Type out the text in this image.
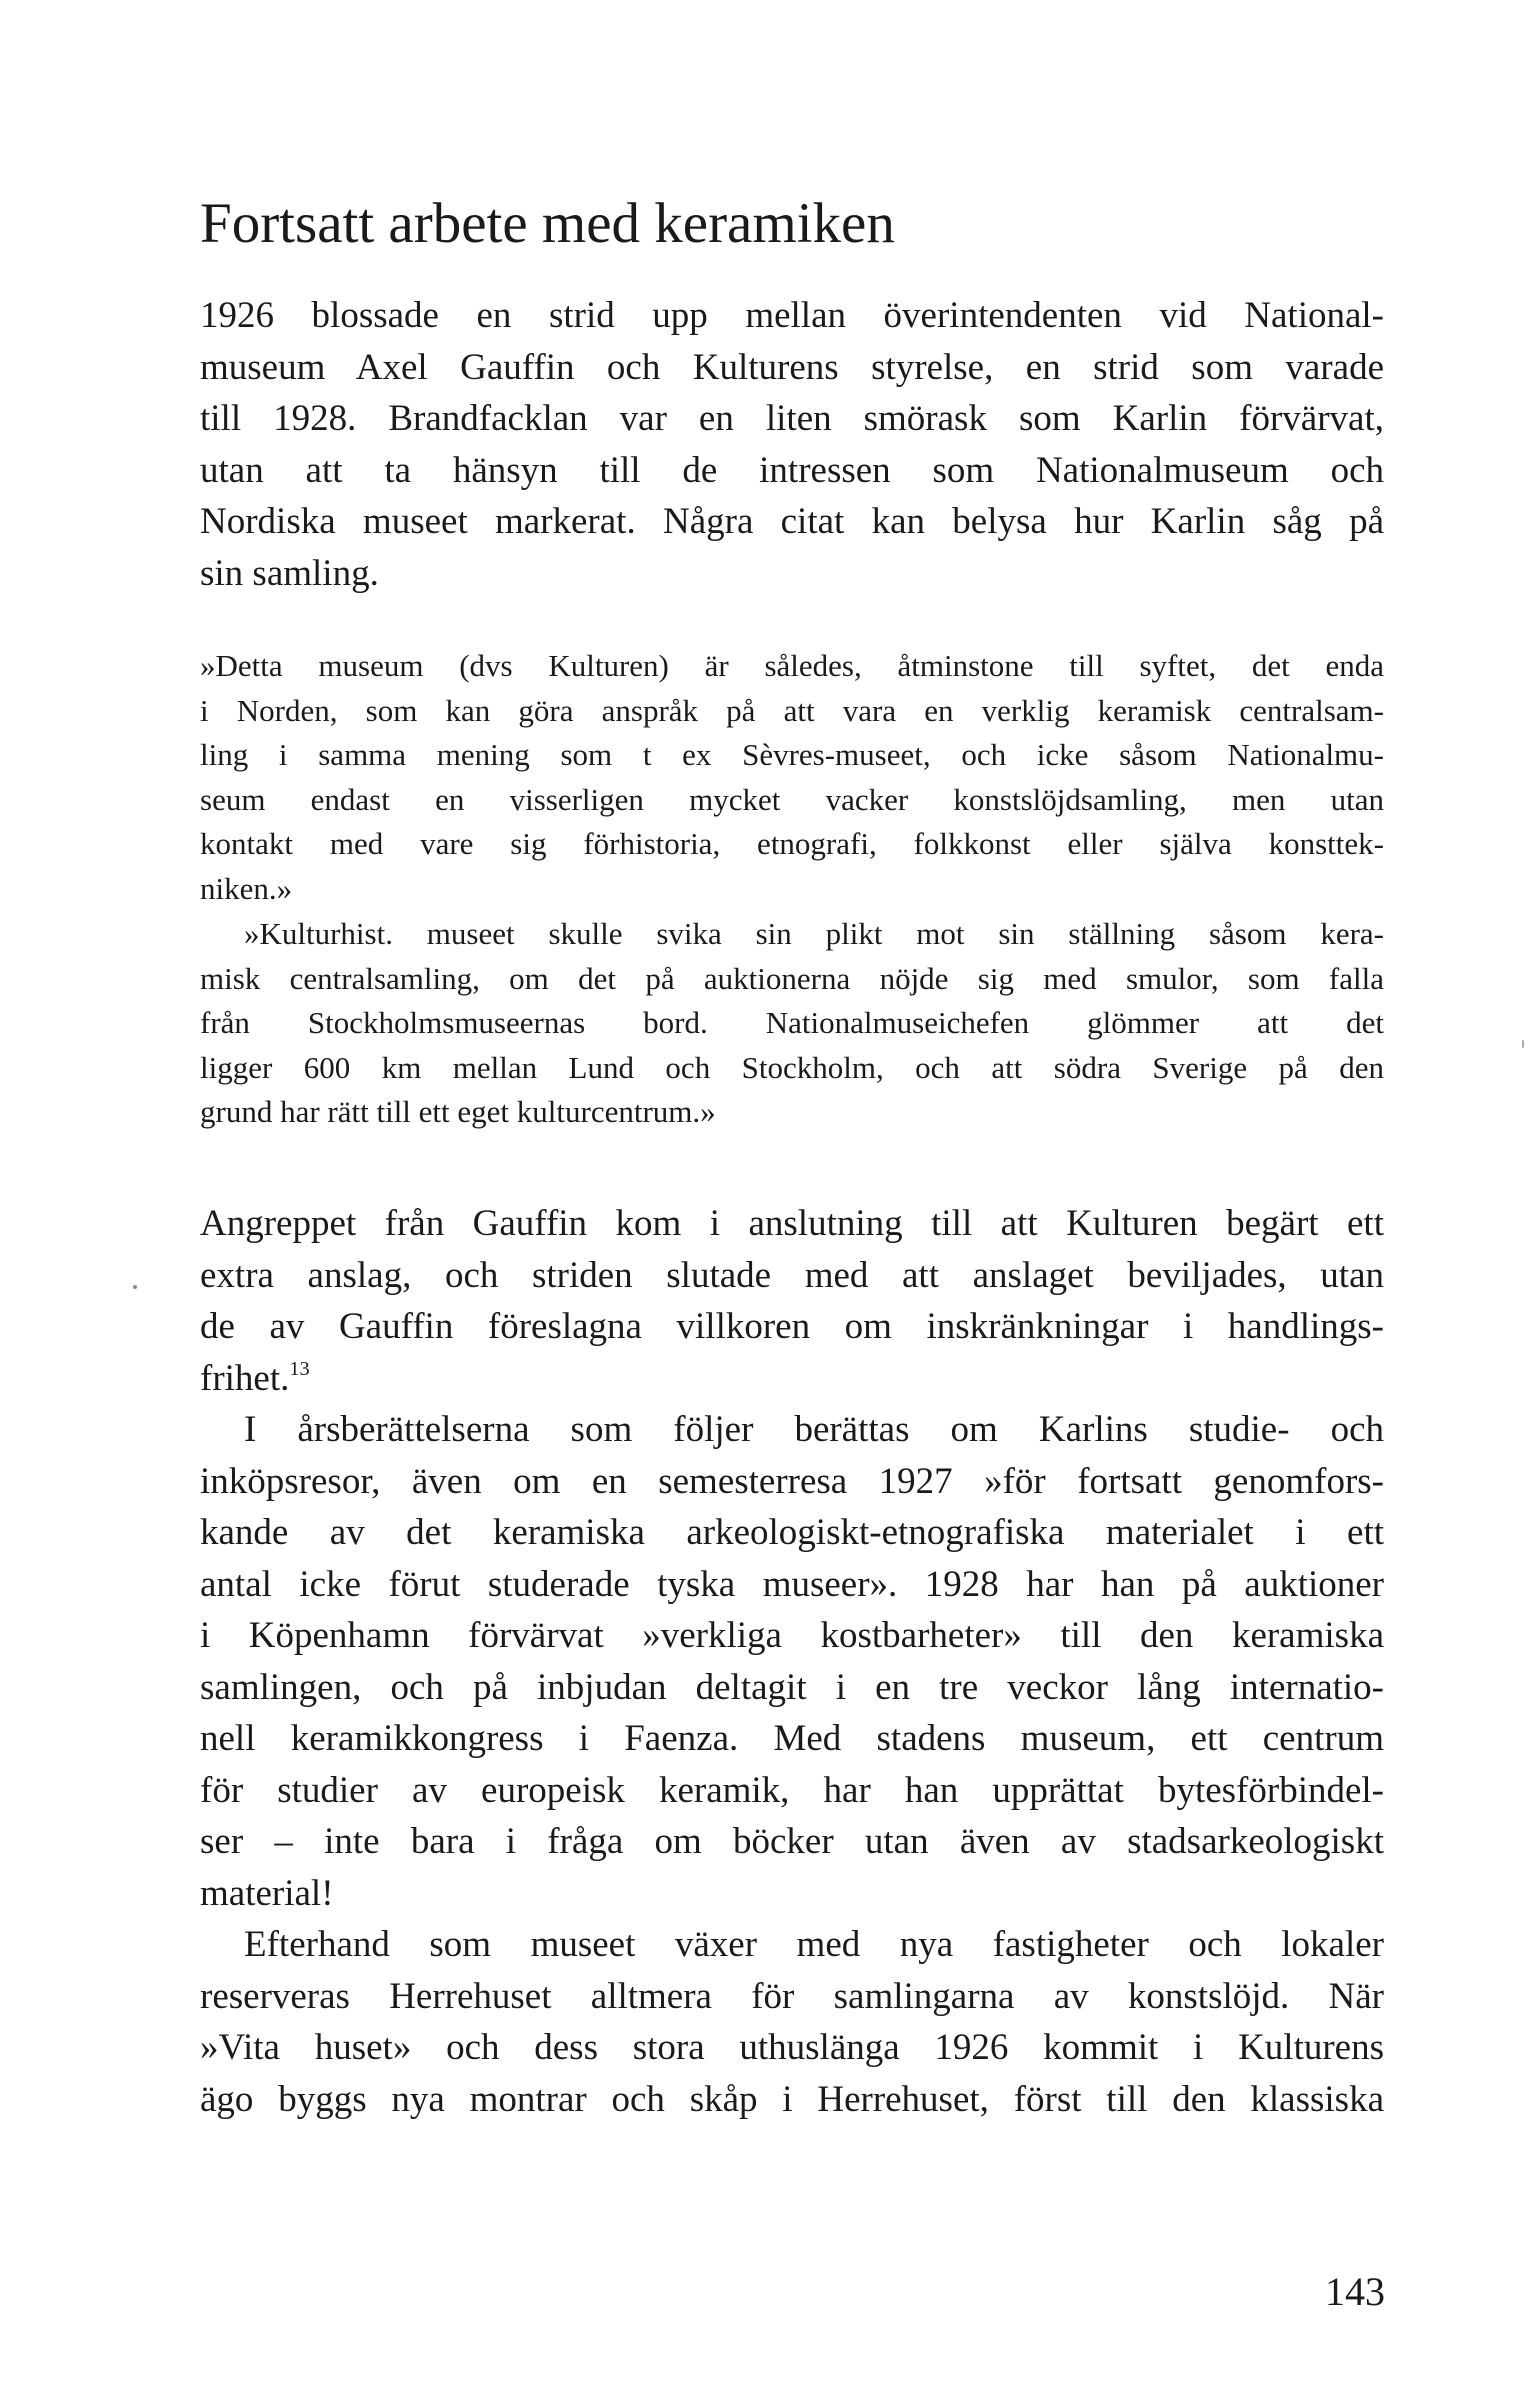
Fortsatt arbete med keramiken
1926 blossade en strid upp mellan överintendenten vid National-
museum Axel Gauffin och Kulturens styrelse, en strid som varade
till 1928. Brandfacklan var en liten smörask som Karlin förvärvat,
utan att ta hänsyn till de intressen som Nationalmuseum och
Nordiska museet markerat. Några citat kan belysa hur Karlin såg på
sin samling.
»Detta museum (dvs Kulturen) är således, åtminstone till syftet, det enda
i Norden, som kan göra anspråk på att vara en verklig keramisk centralsam-
ling i samma mening som t ex Sèvres-museet, och icke såsom Nationalmu-
seum endast en visserligen mycket vacker konstslöjdsamling, men utan
kontakt med vare sig förhistoria, etnografi, folkkonst eller själva konsttek-
niken.»
»Kulturhist. museet skulle svika sin plikt mot sin ställning såsom kera-
misk centralsamling, om det på auktionerna nöjde sig med smulor, som falla
från Stockholmsmuseernas bord. Nationalmuseichefen glömmer att det
ligger 600 km mellan Lund och Stockholm, och att södra Sverige på den
grund har rätt till ett eget kulturcentrum.»
Angreppet från Gauffin kom i anslutning till att Kulturen begärt ett
extra anslag, och striden slutade med att anslaget beviljades, utan
de av Gauffin föreslagna villkoren om inskränkningar i handlings-
frihet.$^{13}$
I årsberättelserna som följer berättas om Karlins studie- och
inköpsresor, även om en semesterresa 1927 »för fortsatt genomfors-
kande av det keramiska arkeologiskt-etnografiska materialet i ett
antal icke förut studerade tyska museer». 1928 har han på auktioner
i Köpenhamn förvärvat »verkliga kostbarheter» till den keramiska
samlingen, och på inbjudan deltagit i en tre veckor lång internatio-
nell keramikkongress i Faenza. Med stadens museum, ett centrum
för studier av europeisk keramik, har han upprättat bytesförbindel-
ser – inte bara i fråga om böcker utan även av stadsarkeologiskt
material!
Efterhand som museet växer med nya fastigheter och lokaler
reserveras Herrehuset alltmera för samlingarna av konstslöjd. När
»Vita huset» och dess stora uthuslänga 1926 kommit i Kulturens
ägo byggs nya montrar och skåp i Herrehuset, först till den klassiska
143
